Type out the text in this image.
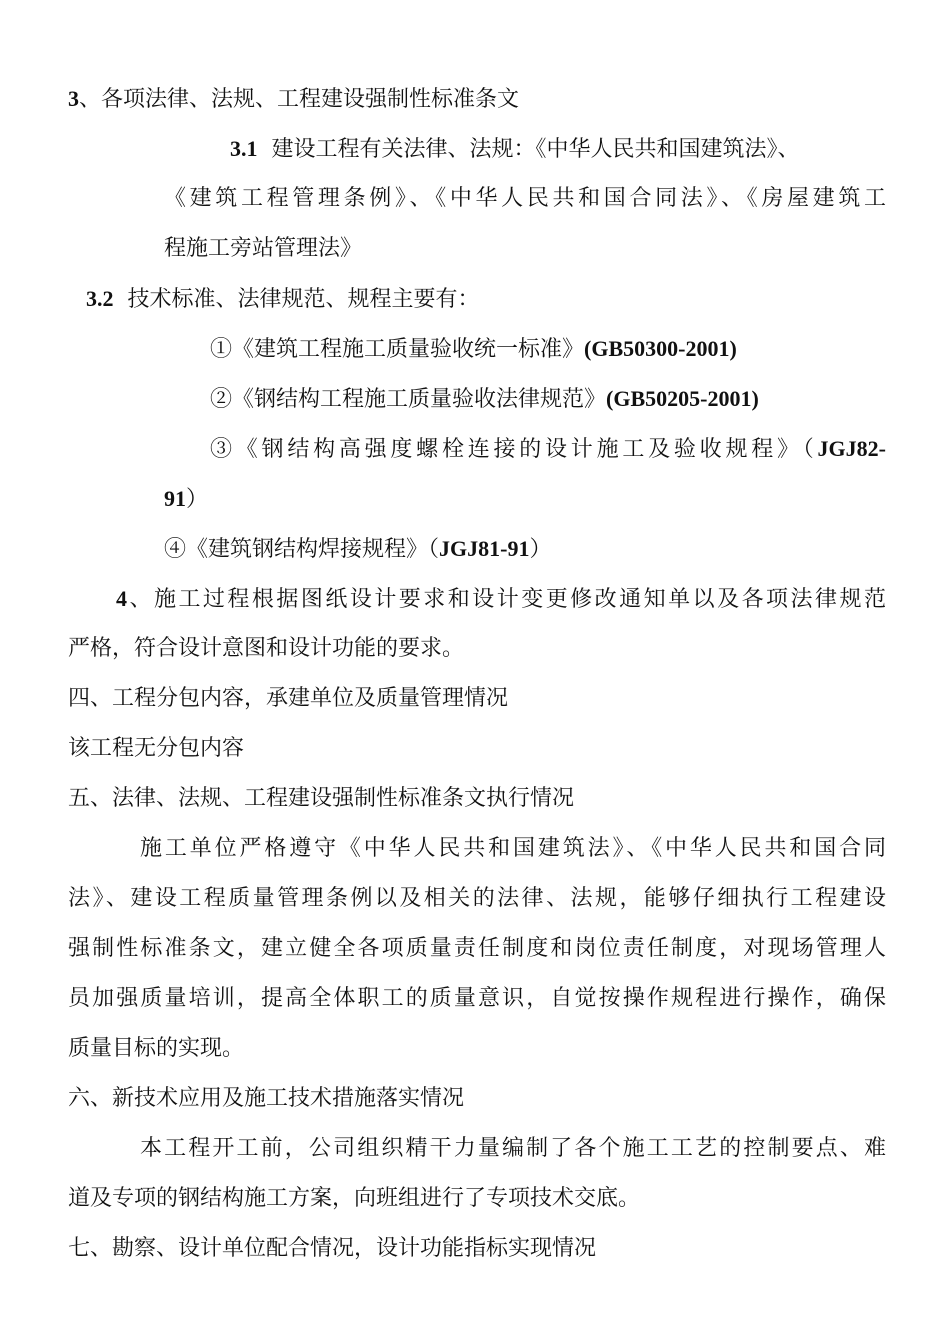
3、各项法律、法规、工程建设强制性标准条文
3.1 建设工程有关法律、法规：《中华人民共和国建筑法》、
《建筑工程管理条例》、《中华人民共和国合同法》、《房屋建筑工
程施工旁站管理法》
3.2 技术标准、法律规范、规程主要有：
①《建筑工程施工质量验收统一标准》(GB50300-2001)
②《钢结构工程施工质量验收法律规范》(GB50205-2001)
③《钢结构高强度螺栓连接的设计施工及验收规程》（JGJ82-
91）
④《建筑钢结构焊接规程》（JGJ81-91）
4、施工过程根据图纸设计要求和设计变更修改通知单以及各项法律规范
严格，符合设计意图和设计功能的要求。
四、工程分包内容，承建单位及质量管理情况
该工程无分包内容
五、法律、法规、工程建设强制性标准条文执行情况
施工单位严格遵守《中华人民共和国建筑法》、《中华人民共和国合同
法》、建设工程质量管理条例以及相关的法律、法规，能够仔细执行工程建设
强制性标准条文，建立健全各项质量责任制度和岗位责任制度，对现场管理人
员加强质量培训，提高全体职工的质量意识，自觉按操作规程进行操作，确保
质量目标的实现。
六、新技术应用及施工技术措施落实情况
本工程开工前，公司组织精干力量编制了各个施工工艺的控制要点、难
道及专项的钢结构施工方案，向班组进行了专项技术交底。
七、勘察、设计单位配合情况，设计功能指标实现情况
